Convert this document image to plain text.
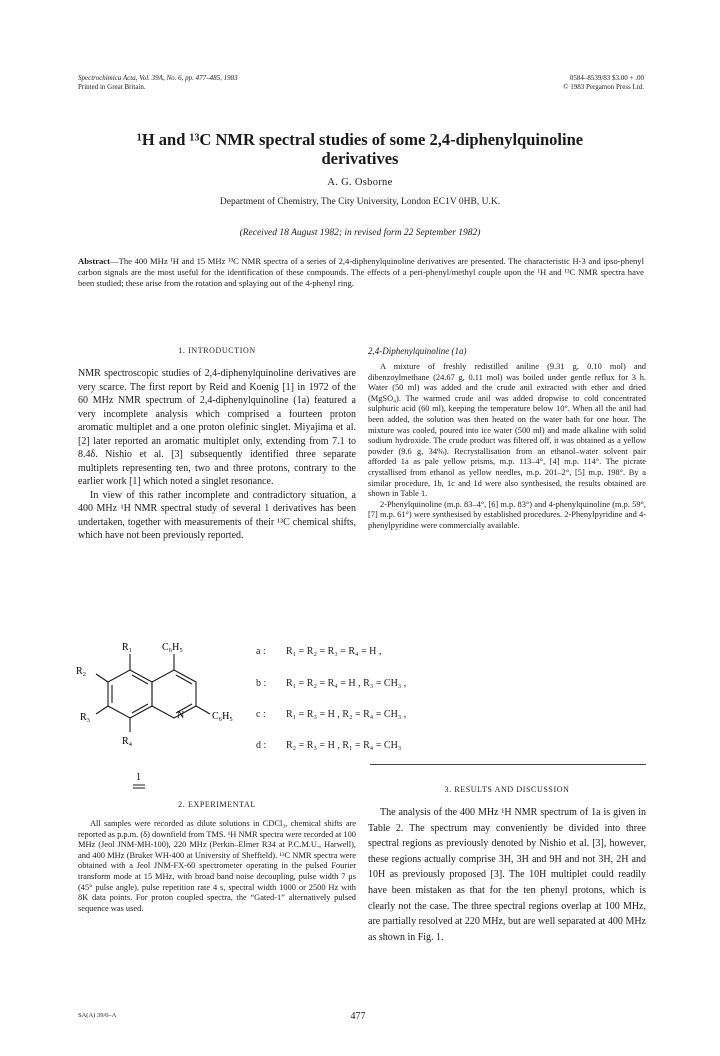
Spectrochimica Acta, Vol. 39A, No. 6, pp. 477–485, 1983
Printed in Great Britain.
0584–8539/83 $3.00 + .00
© 1983 Pergamon Press Ltd.
¹H and ¹³C NMR spectral studies of some 2,4-diphenylquinoline
derivatives
A. G. Osborne
Department of Chemistry, The City University, London EC1V 0HB, U.K.
(Received 18 August 1982; in revised form 22 September 1982)
Abstract—The 400 MHz ¹H and 15 MHz ¹³C NMR spectra of a series of 2,4-diphenylquinoline derivatives are presented. The characteristic H-3 and ipso-phenyl carbon signals are the most useful for the identification of these compounds. The effects of a peri-phenyl/methyl couple upon the ¹H and ¹³C NMR spectra have been studied; these arise from the rotation and splaying out of the 4-phenyl ring.
1. INTRODUCTION

NMR spectroscopic studies of 2,4-diphenylquinoline derivatives are very scarce. The first report by Reid and Koenig [1] in 1972 of the 60 MHz NMR spectrum of 2,4-diphenylquinoline (1a) featured a very incomplete analysis which comprised a fourteen proton aromatic multiplet and a one proton olefinic singlet. Miyajima et al. [2] later reported an aromatic multiplet only, extending from 7.1 to 8.4δ. Nishio et al. [3] subsequently identified three separate multiplets representing ten, two and three protons, contrary to the earlier work [1] which noted a singlet resonance.

In view of this rather incomplete and contradictory situation, a 400 MHz ¹H NMR spectral study of several 1 derivatives has been undertaken, together with measurements of their ¹³C chemical shifts, which have not been previously reported.

2,4-Diphenylquinoline (1a)

A mixture of freshly redistilled aniline (9.31 g, 0.10 mol) and dibenzoylmethane (24.67 g, 0.11 mol) was boiled under gentle reflux for 3 h. Water (50 ml) was added and the crude anil extracted with ether and dried (MgSO₄). The warmed crude anil was added dropwise to cold concentrated sulphuric acid (60 ml), keeping the temperature below 10°. When all the anil had been added, the solution was then heated on the water bath for one hour. The mixture was cooled, poured into ice water (500 ml) and made alkaline with solid sodium hydroxide. The crude product was filtered off, it was obtained as a yellow powder (9.6 g, 34%). Recrystallisation from an ethanol–water solvent pair afforded 1a as pale yellow prisms, m.p. 113–4°, [4] m.p. 114°. The picrate crystallised from ethanol as yellow needles, m.p. 201–2°, [5] m.p. 198°. By a similar procedure, 1b, 1c and 1d were also synthesised, the results obtained are shown in Table 1.

2-Phenylquinoline (m.p. 83–4°, [6] m.p. 83°) and 4-phenylquinoline (m.p. 59°, [7] m.p. 61°) were synthesised by established procedures. 2-Phenylpyridine and 4-phenylpyridine were commercially available.

R₁	C₆H₅
R₂
R₃	N	C₆H₅
R₄
1
a : R₁ = R₂ = R₃ = R₄ = H ,
b : R₁ = R₂ = R₄ = H , R₃ = CH₃ ,
c : R₁ = R₃ = H , R₂ = R₄ = CH₃ ,
d : R₂ = R₃ = H , R₁ = R₄ = CH₃
2. EXPERIMENTAL

All samples were recorded as dilute solutions in CDCl₃, chemical shifts are reported as p.p.m. (δ) downfield from TMS. ¹H NMR spectra were recorded at 100 MHz (Jeol JNM-MH-100), 220 MHz (Perkin–Elmer R34 at P.C.M.U., Harwell), and 400 MHz (Bruker WH-400 at University of Sheffield). ¹³C NMR spectra were obtained with a Jeol JNM-FX-60 spectrometer operating in the pulsed Fourier transform mode at 15 MHz, with broad band noise decoupling, pulse width 7 μs (45° pulse angle), pulse repetition rate 4 s, spectral width 1000 or 2500 Hz with 8K data points. For proton coupled spectra, the “Gated-1” alternatively pulsed sequence was used.

3. RESULTS AND DISCUSSION

The analysis of the 400 MHz ¹H NMR spectrum of 1a is given in Table 2. The spectrum may conveniently be divided into three spectral regions as previously denoted by Nishio et al. [3], however, these regions actually comprise 3H, 3H and 9H and not 3H, 2H and 10H as previously proposed [3]. The 10H multiplet could readily have been mistaken as that for the ten phenyl protons, which is clearly not the case. The three spectral regions overlap at 100 MHz, are partially resolved at 220 MHz, but are well separated at 400 MHz as shown in Fig. 1.

SA(A) 39/6–A	477
